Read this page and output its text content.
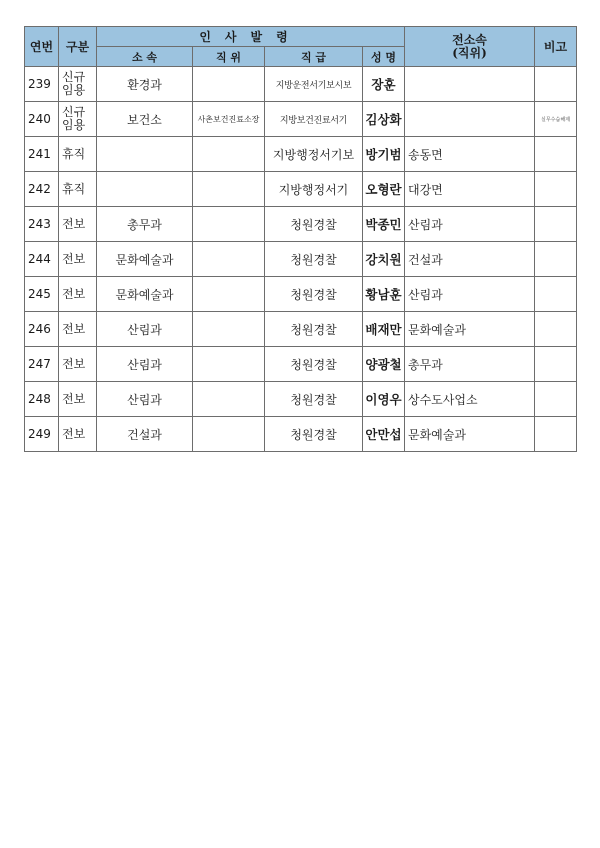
연번	구분	인사발령				전소속
(직위)	비고
		소 속	직 위	직 급	성 명		
239	신규임용	환경과		지방운전서기보시보	장훈		
240	신규임용	보건소	사촌보건진료소장	지방보건진료서기	김상화		실무수습해제
241	휴직			지방행정서기보	방기범	송동면	
242	휴직			지방행정서기	오형란	대강면	
243	전보	총무과		청원경찰	박종민	산림과	
244	전보	문화예술과		청원경찰	강치원	건설과	
245	전보	문화예술과		청원경찰	황남훈	산림과	
246	전보	산림과		청원경찰	배재만	문화예술과	
247	전보	산림과		청원경찰	양광철	총무과	
248	전보	산림과		청원경찰	이영우	상수도사업소	
249	전보	건설과		청원경찰	안만섭	문화예술과	
